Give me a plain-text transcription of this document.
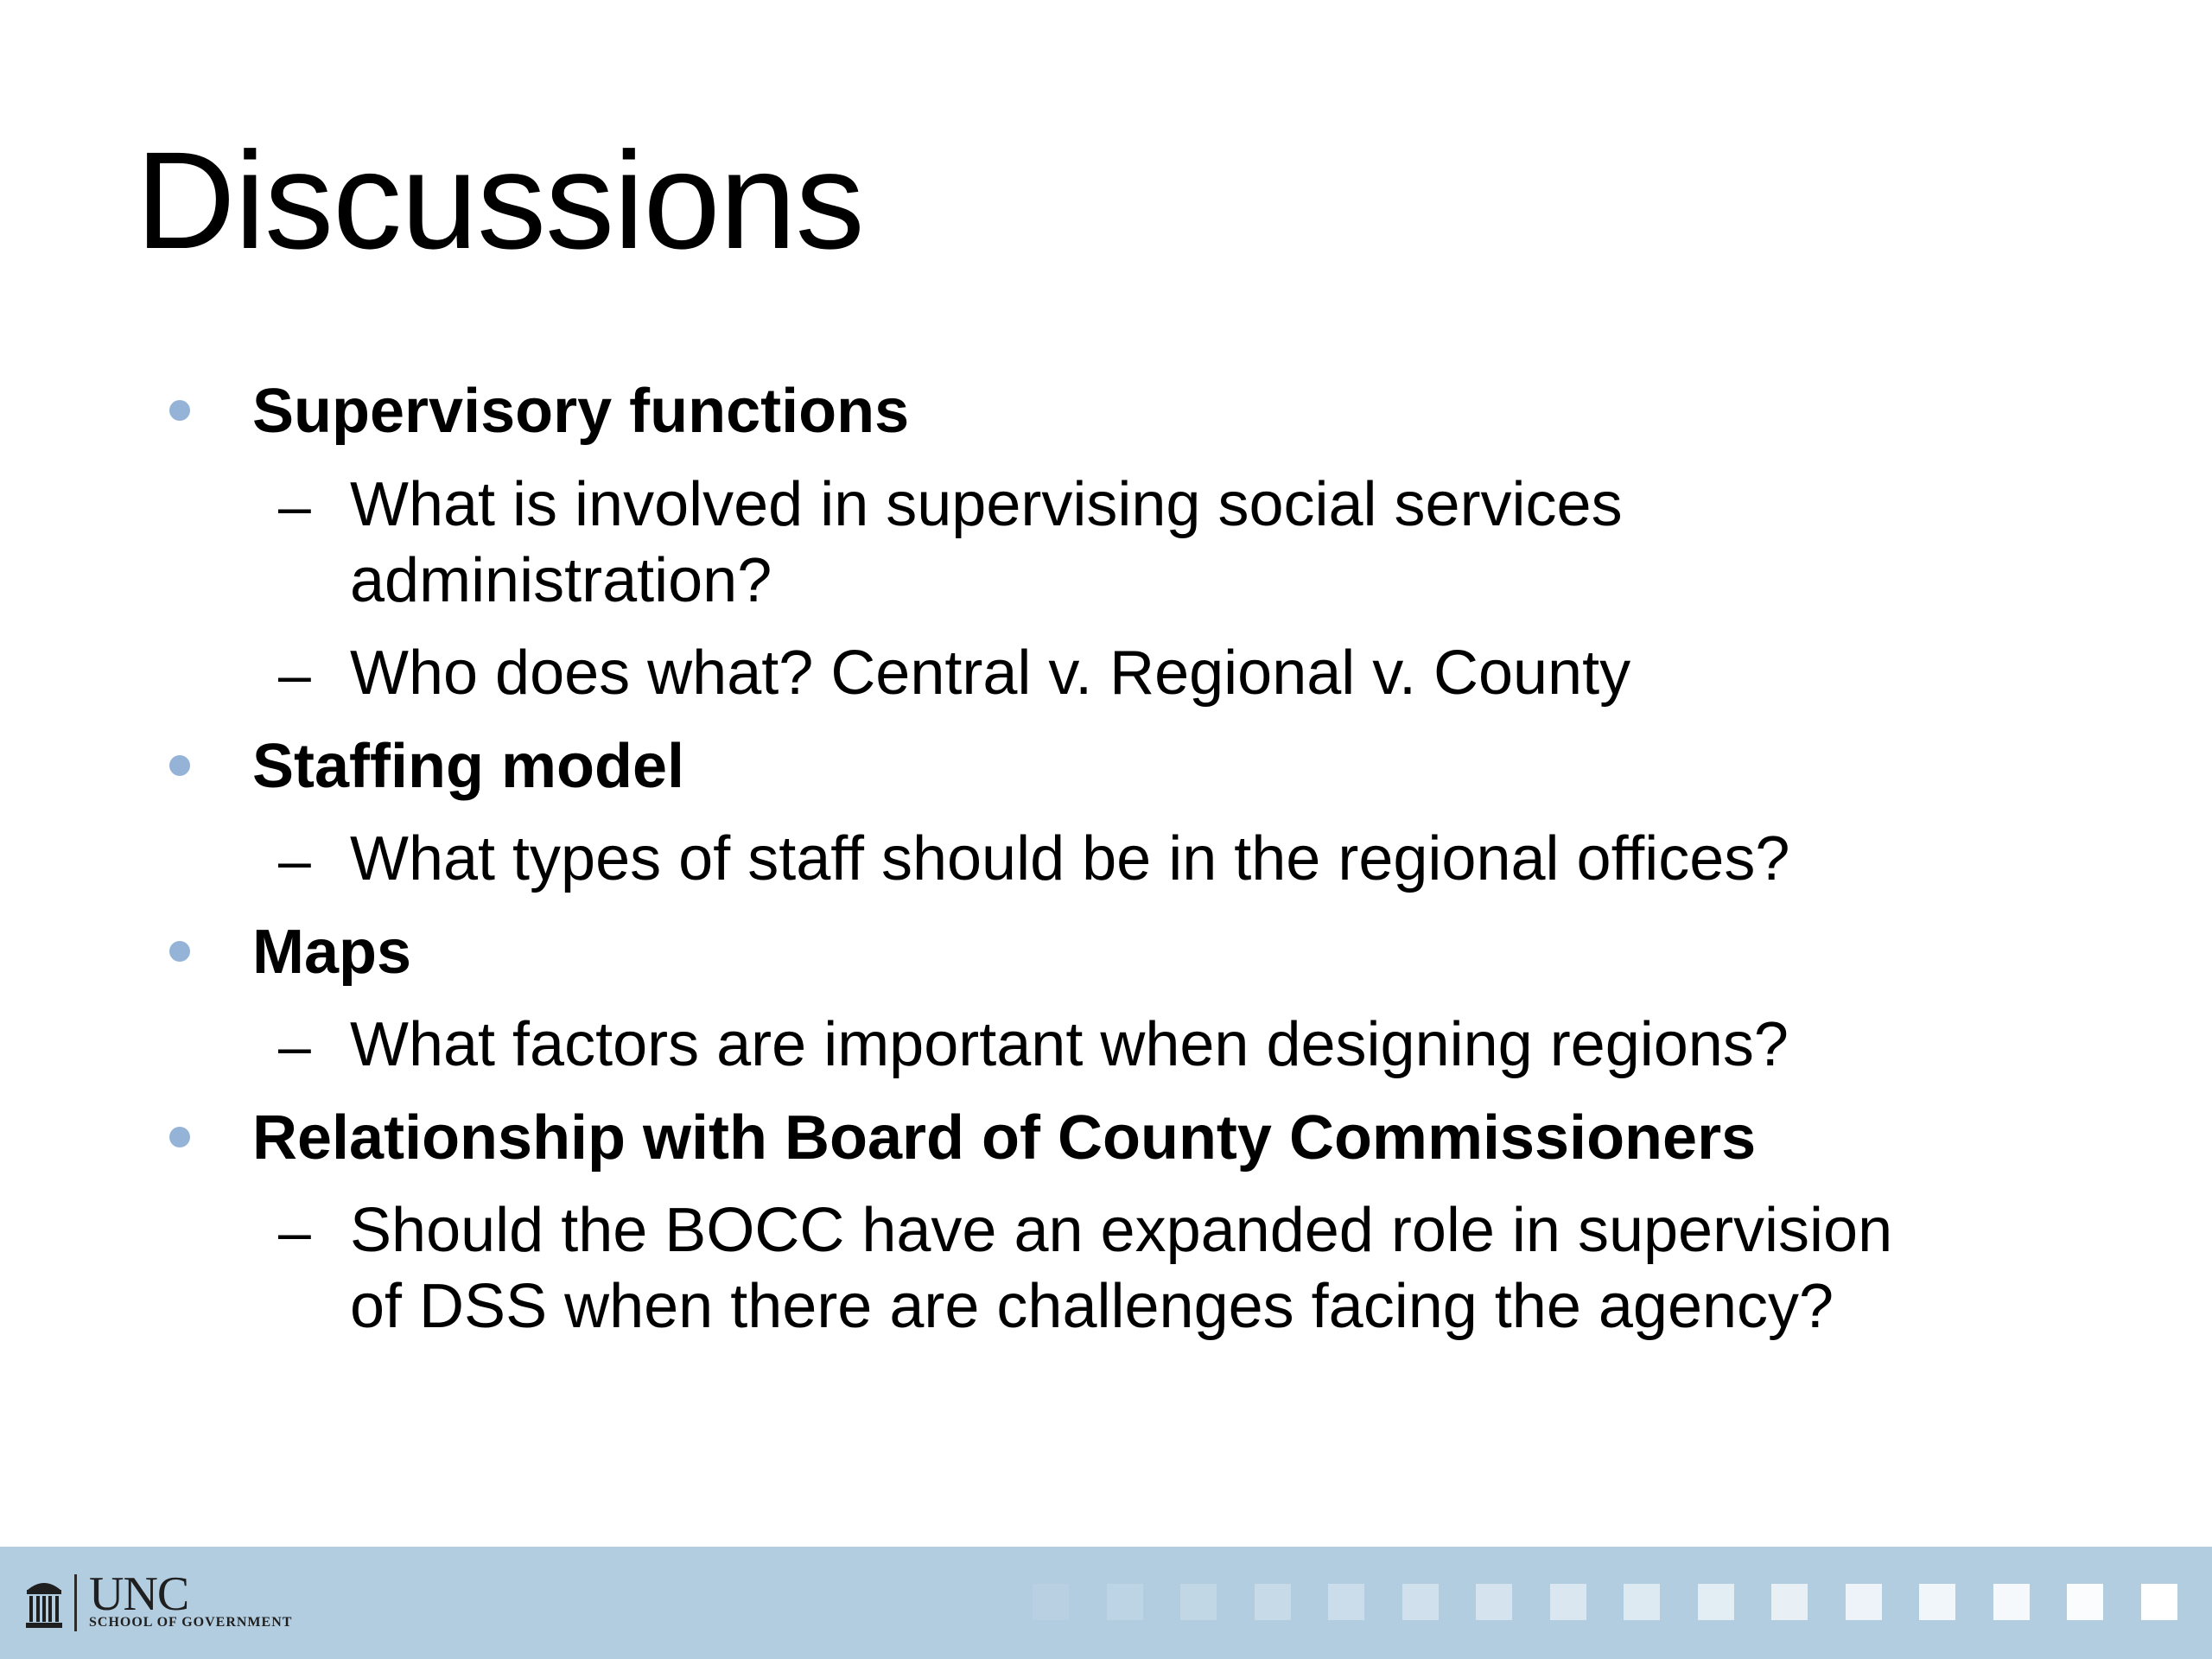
Discussions
Supervisory functions
– What is involved in supervising social services
administration?
– Who does what? Central v. Regional v. County
Staffing model
– What types of staff should be in the regional offices?
Maps
– What factors are important when designing regions?
Relationship with Board of County Commissioners
– Should the BOCC have an expanded role in supervision
of DSS when there are challenges facing the agency?
UNC
SCHOOL OF GOVERNMENT
